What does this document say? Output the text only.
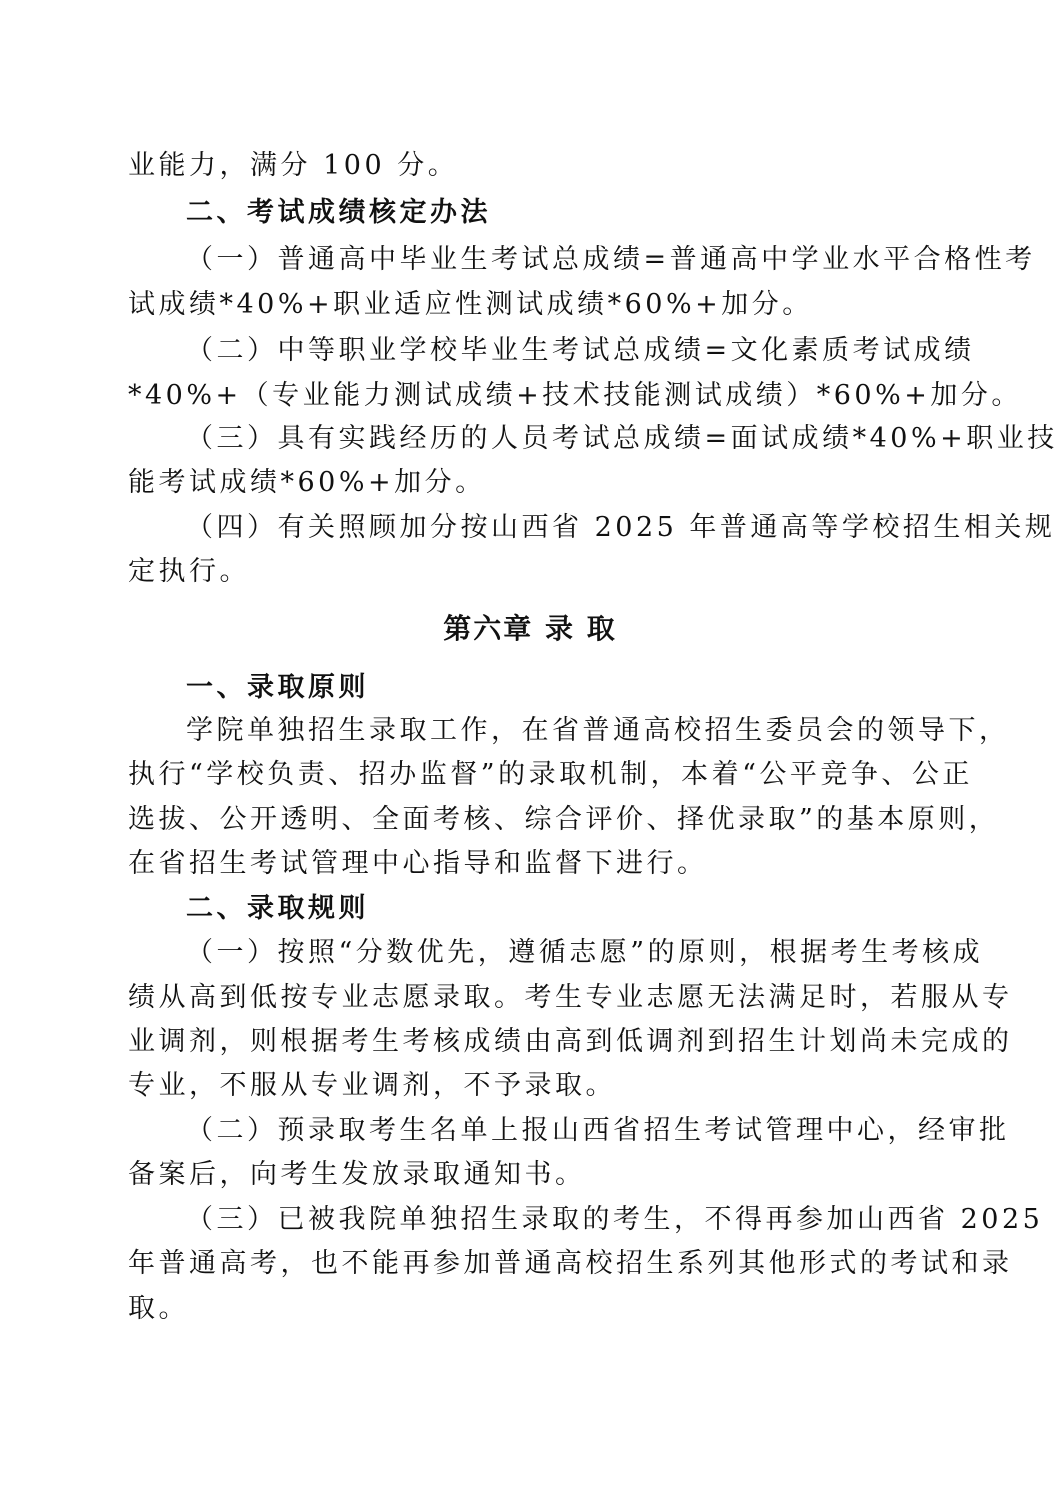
业能力，满分 100 分。
二、考试成绩核定办法
（一）普通高中毕业生考试总成绩=普通高中学业水平合格性考
试成绩*40%+职业适应性测试成绩*60%+加分。
（二）中等职业学校毕业生考试总成绩=文化素质考试成绩
*40%+（专业能力测试成绩+技术技能测试成绩）*60%+加分。
（三）具有实践经历的人员考试总成绩=面试成绩*40%+职业技
能考试成绩*60%+加分。
（四）有关照顾加分按山西省 2025 年普通高等学校招生相关规
定执行。
第六章 录 取
一、录取原则
学院单独招生录取工作，在省普通高校招生委员会的领导下，
执行“学校负责、招办监督”的录取机制，本着“公平竞争、公正
选拔、公开透明、全面考核、综合评价、择优录取”的基本原则，
在省招生考试管理中心指导和监督下进行。
二、录取规则
（一）按照“分数优先，遵循志愿”的原则，根据考生考核成
绩从高到低按专业志愿录取。考生专业志愿无法满足时，若服从专
业调剂，则根据考生考核成绩由高到低调剂到招生计划尚未完成的
专业，不服从专业调剂，不予录取。
（二）预录取考生名单上报山西省招生考试管理中心，经审批
备案后，向考生发放录取通知书。
（三）已被我院单独招生录取的考生，不得再参加山西省 2025
年普通高考，也不能再参加普通高校招生系列其他形式的考试和录
取。
